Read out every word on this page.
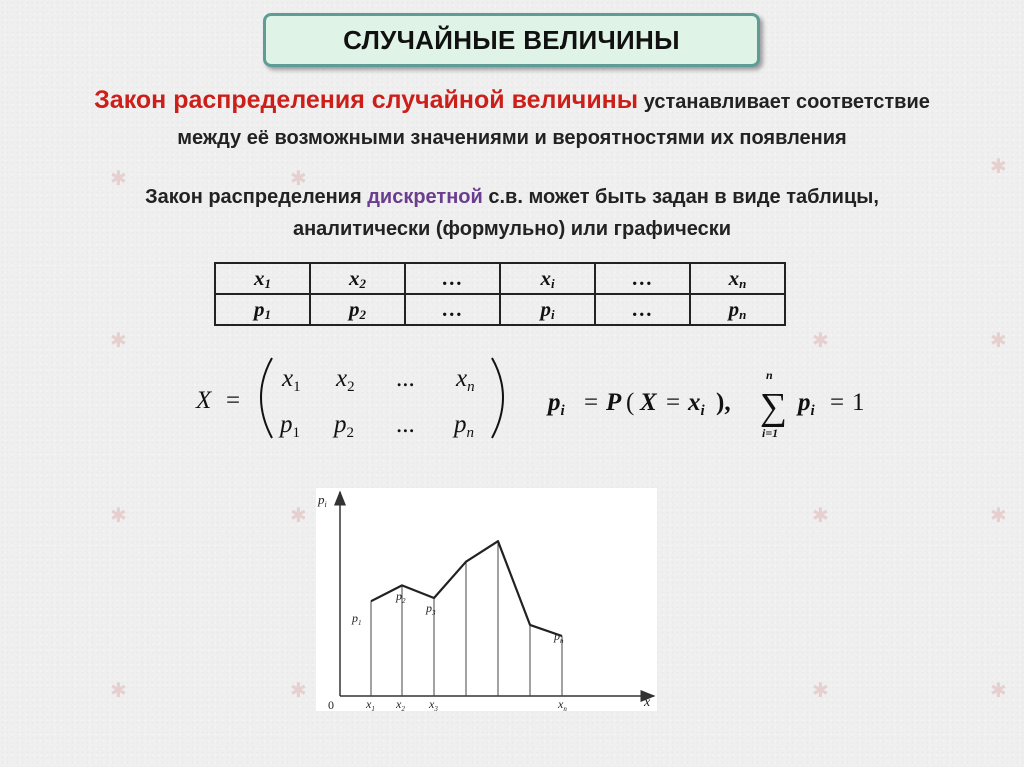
✱	✱	✱
✱	✱	✱
✱	✱	✱	✱
✱	✱	✱	✱
СЛУЧАЙНЫЕ ВЕЛИЧИНЫ
Закон распределения случайной величины устанавливает соответствие
между её возможными значениями и вероятностями их появления
Закон распределения дискретной с.в. может быть задан в виде таблицы,
аналитически (формульно) или графически
$x_1$	$x_2$	…	$x_i$	…	$x_n$
$p_1$	$p_2$	…	$p_i$	…	$p_n$
X =
$x_1$ $x_2$ ... $x_n$
$p_1$ $p_2$ ... $p_n$
$p_i = P$ ( $X = x_i$ ),
n
∑
i=1
$p_i = 1$
$p_i$
x
0	$x_1$ $x_2$ $x_3$	$x_n$
$p_1$
$p_2$ $p_3$
$p_n$
